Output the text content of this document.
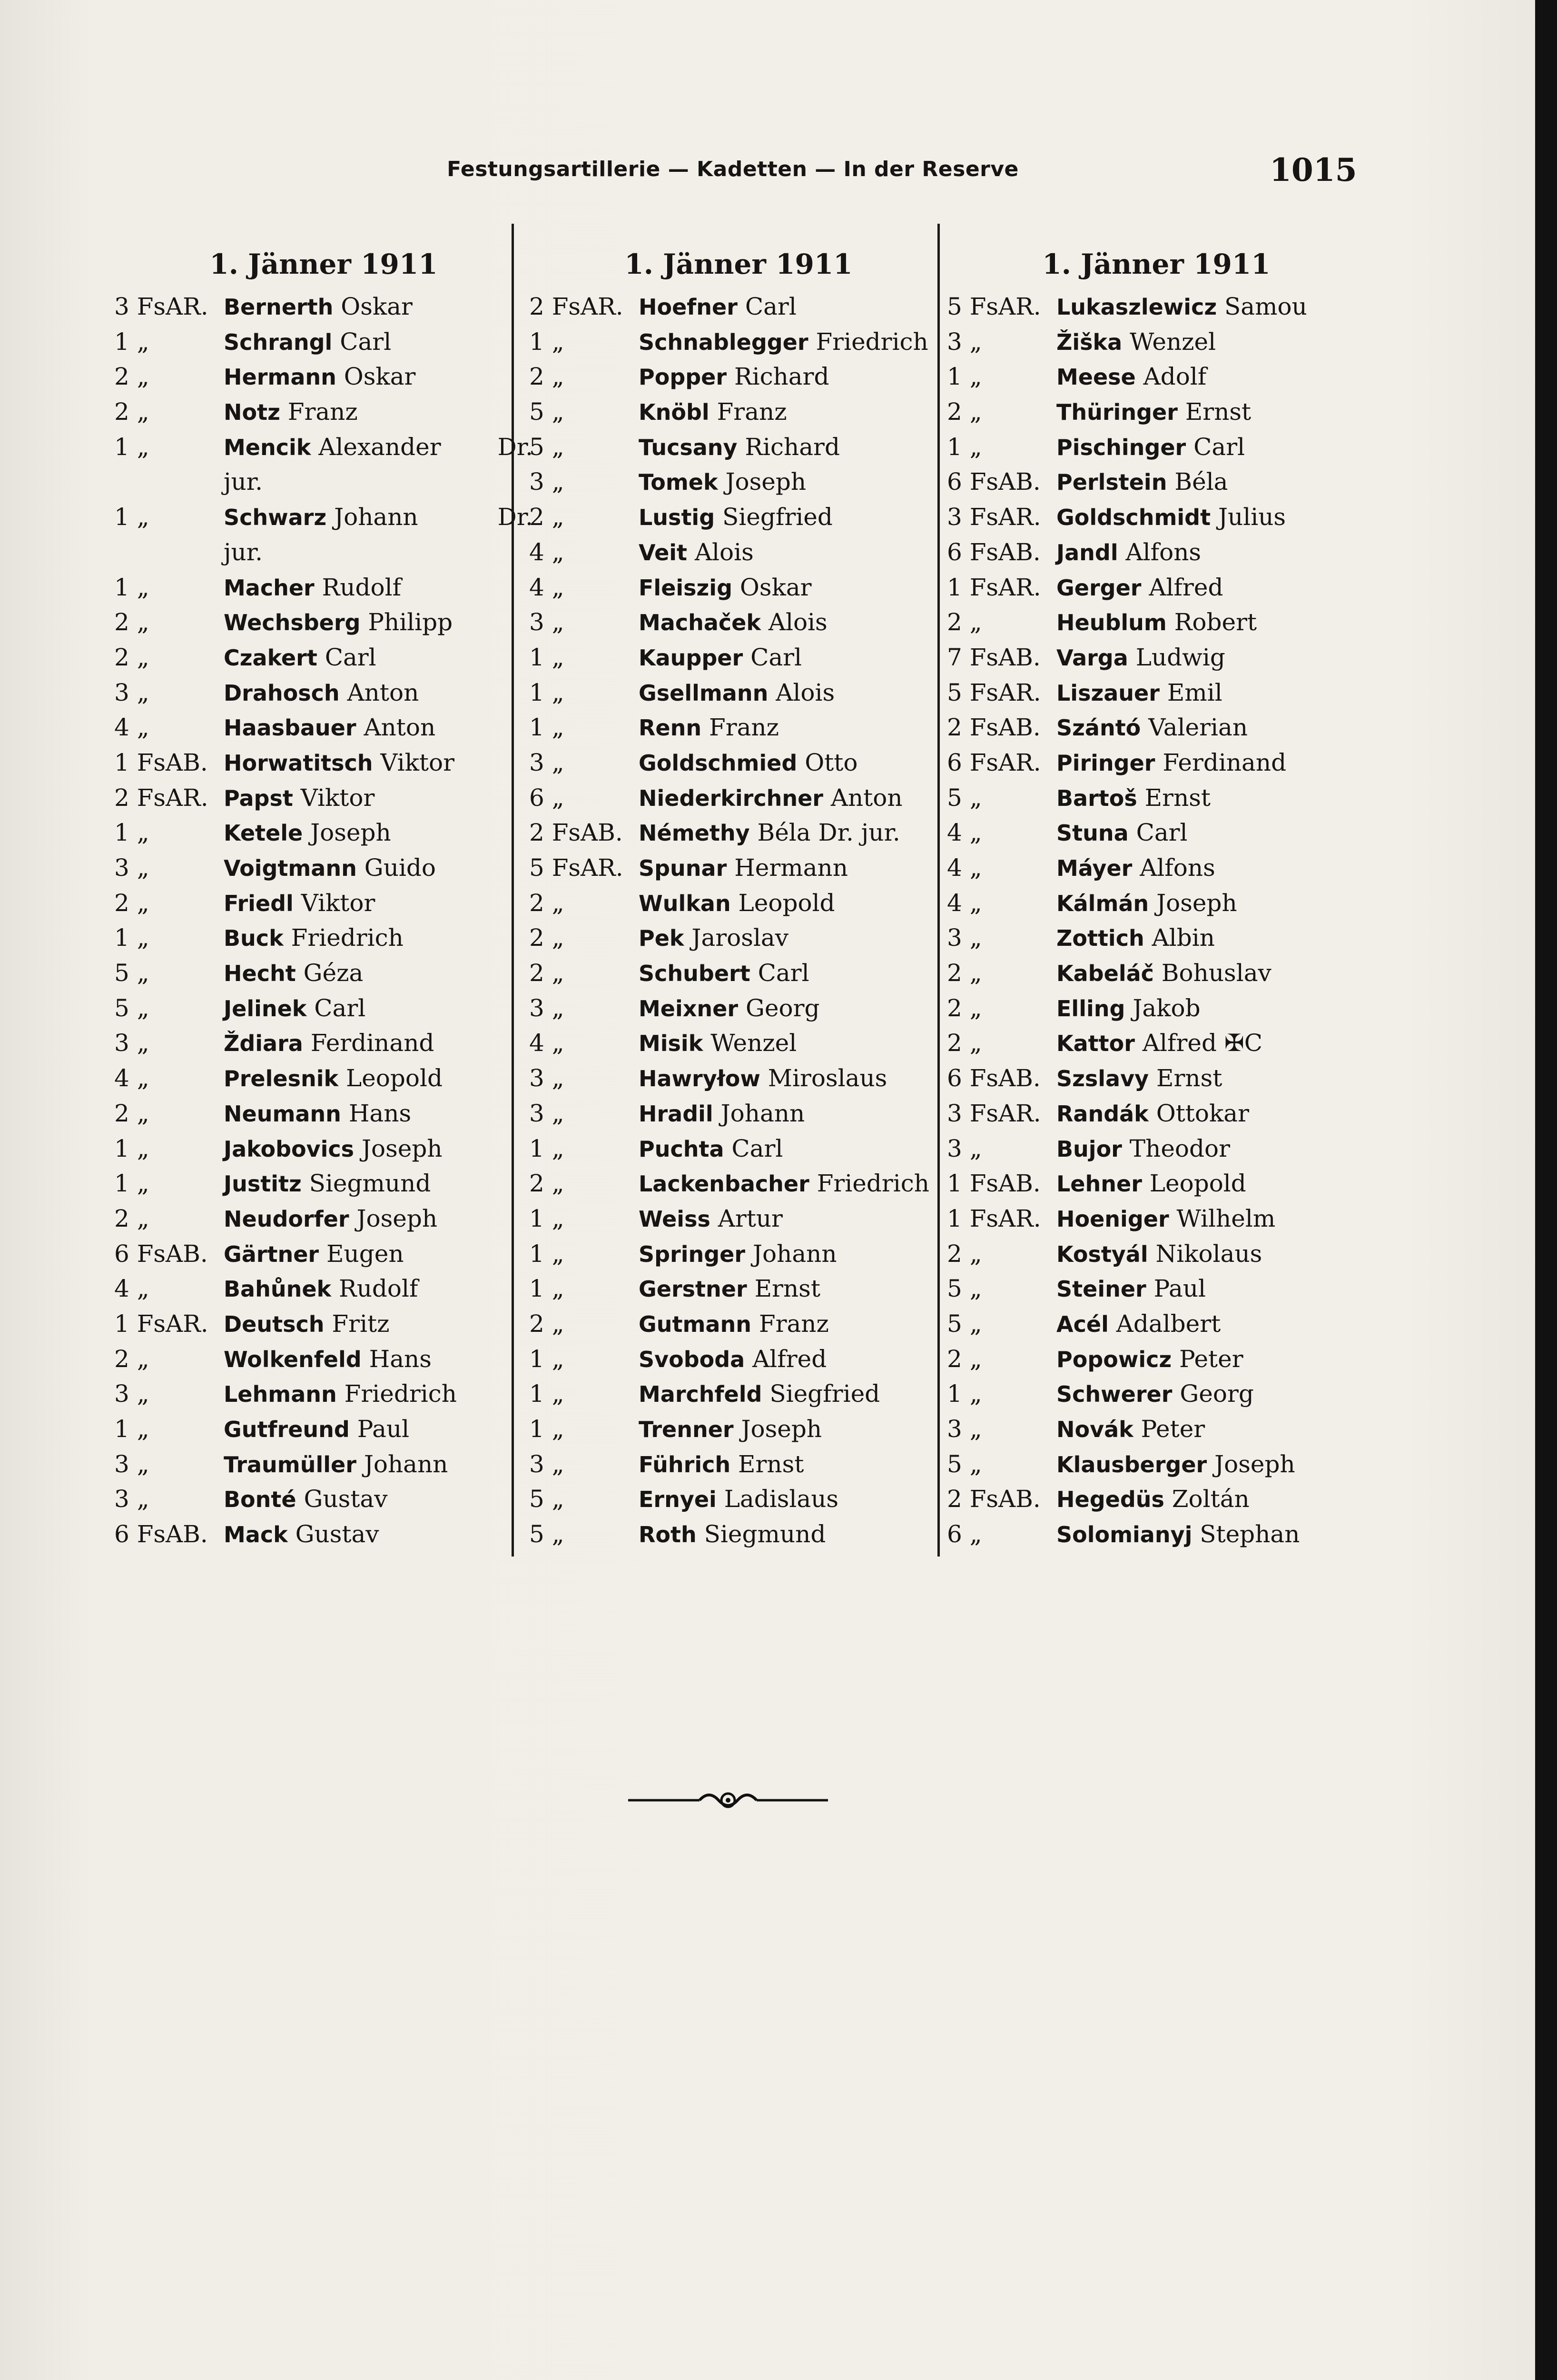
Festungsartillerie — Kadetten — In der Reserve	1015
1. Jänner 1911
3 FsAR. Bernerth Oskar
1 „	Schrangl Carl
2 „	Hermann Oskar
2 „	Notz Franz
1 „	Mencik Alexander Dr.
jur.
1 „	Schwarz Johann	Dr.
jur.
1 „	Macher Rudolf
2 „	Wechsberg Philipp
2 „	Czakert Carl
3 „	Drahosch Anton
4 „	Haasbauer Anton
1 FsAB. Horwatitsch Viktor
2 FsAR. Papst Viktor
1 „	Ketele Joseph
3 „	Voigtmann Guido
2 „	Friedl Viktor
1 „	Buck Friedrich
5 „	Hecht Géza
5 „	Jelinek Carl
3 „	Ždiara Ferdinand
4 „	Prelesnik Leopold
2 „	Neumann Hans
1 „	Jakobovics Joseph
1 „	Justitz Siegmund
2 „	Neudorfer Joseph
6 FsAB. Gärtner Eugen
4 „	Bahůnek Rudolf
1 FsAR. Deutsch Fritz
2 „	Wolkenfeld Hans
3 „	Lehmann Friedrich
1 „	Gutfreund Paul
3 „	Traumüller Johann
3 „	Bonté Gustav
6 FsAB. Mack Gustav
1. Jänner 1911
2 FsAR. Hoefner Carl
1 „	Schnablegger Friedrich
2 „	Popper Richard
5 „	Knöbl Franz
5 „	Tucsany Richard
3 „	Tomek Joseph
2 „	Lustig Siegfried
4 „	Veit Alois
4 „	Fleiszig Oskar
3 „	Machaček Alois
1 „	Kaupper Carl
1 „	Gsellmann Alois
1 „	Renn Franz
3 „	Goldschmied Otto
6 „	Niederkirchner Anton
2 FsAB. Némethy Béla Dr. jur.
5 FsAR. Spunar Hermann
2 „	Wulkan Leopold
2 „	Pek Jaroslav
2 „	Schubert Carl
3 „	Meixner Georg
4 „	Misik Wenzel
3 „	Hawryłow Miroslaus
3 „	Hradil Johann
1 „	Puchta Carl
2 „	Lackenbacher Friedrich
1 „	Weiss Artur
1 „	Springer Johann
1 „	Gerstner Ernst
2 „	Gutmann Franz
1 „	Svoboda Alfred
1 „	Marchfeld Siegfried
1 „	Trenner Joseph
3 „	Führich Ernst
5 „	Ernyei Ladislaus
5 „	Roth Siegmund
1. Jänner 1911
5 FsAR. Lukaszlewicz Samou
3 „	Žiška Wenzel
1 „	Meese Adolf
2 „	Thüringer Ernst
1 „	Pischinger Carl
6 FsAB. Perlstein Béla
3 FsAR. Goldschmidt Julius
6 FsAB. Jandl Alfons
1 FsAR. Gerger Alfred
2 „	Heublum Robert
7 FsAB. Varga Ludwig
5 FsAR. Liszauer Emil
2 FsAB. Szántó Valerian
6 FsAR. Piringer Ferdinand
5 „	Bartoš Ernst
4 „	Stuna Carl
4 „	Máyer Alfons
4 „	Kálmán Joseph
3 „	Zottich Albin
2 „	Kabeláč Bohuslav
2 „	Elling Jakob
2 „	Kattor Alfred ✠C
6 FsAB. Szslavy Ernst
3 FsAR. Randák Ottokar
3 „	Bujor Theodor
1 FsAB. Lehner Leopold
1 FsAR. Hoeniger Wilhelm
2 „	Kostyál Nikolaus
5 „	Steiner Paul
5 „	Acél Adalbert
2 „	Popowicz Peter
1 „	Schwerer Georg
3 „	Novák Peter
5 „	Klausberger Joseph
2 FsAB. Hegedüs Zoltán
6 „	Solomianyj Stephan
